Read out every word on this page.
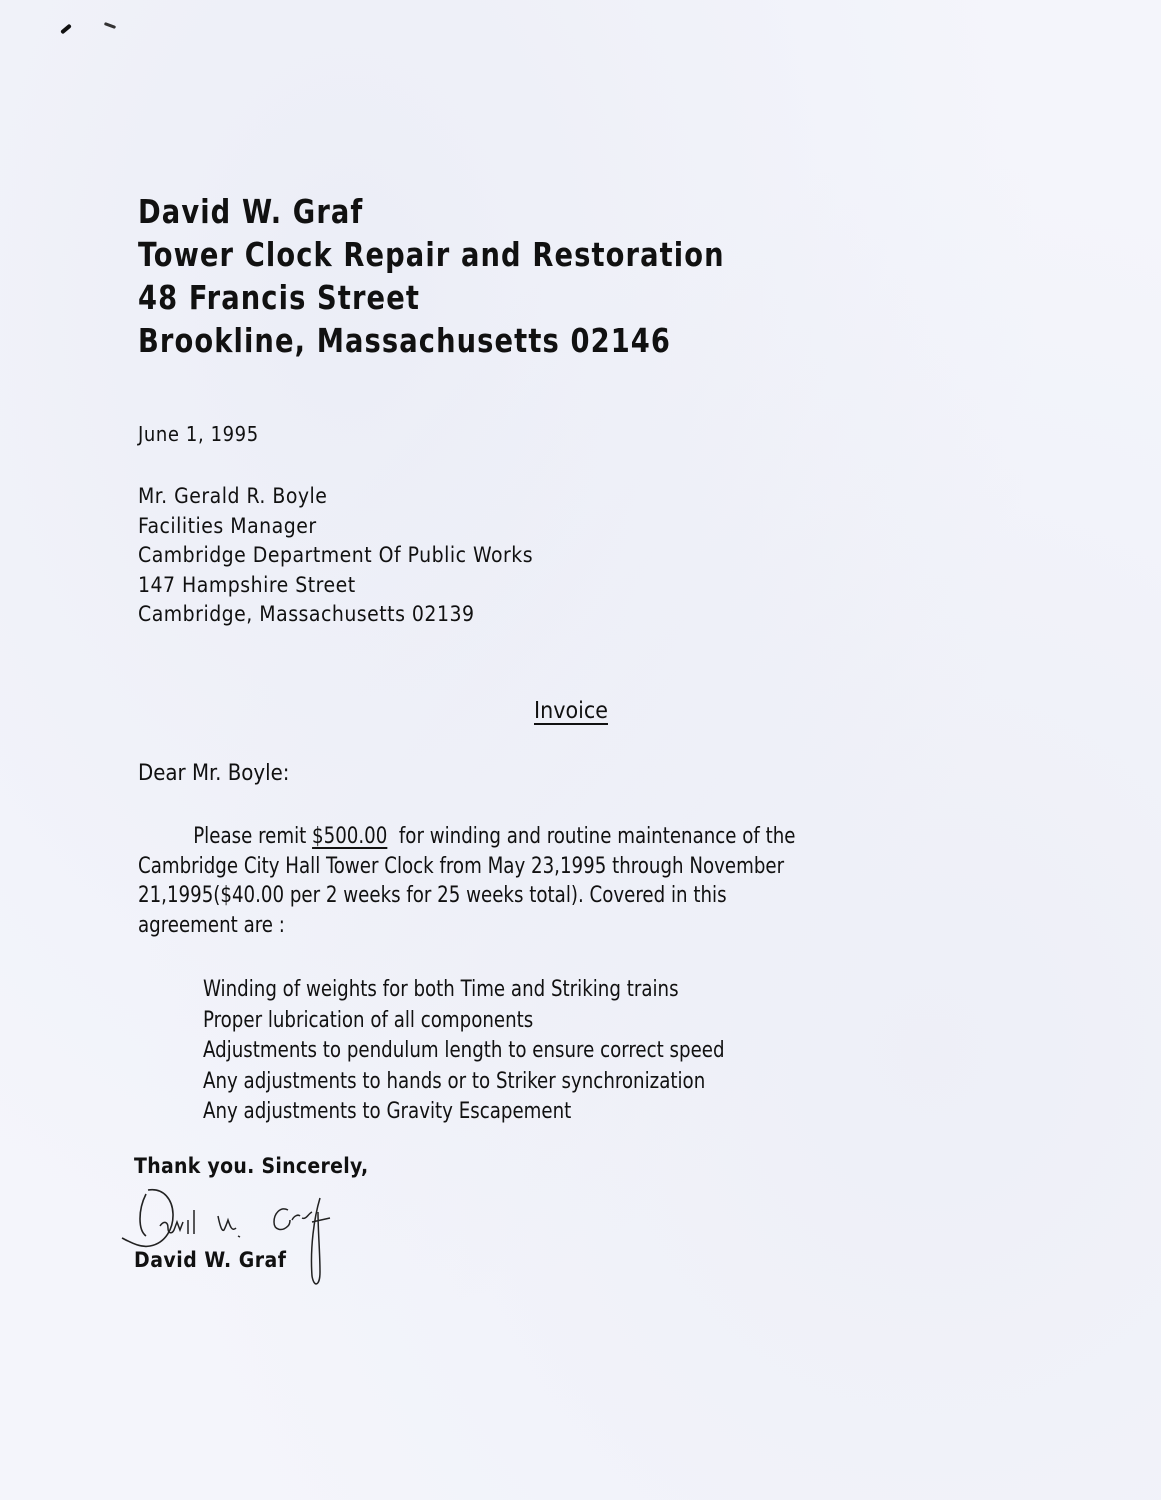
David W. Graf
Tower Clock Repair and Restoration
48 Francis Street
Brookline, Massachusetts 02146
June 1, 1995
Mr. Gerald R. Boyle
Facilities Manager
Cambridge Department Of Public Works
147 Hampshire Street
Cambridge, Massachusetts 02139
Invoice
Dear Mr. Boyle:
Please remit $500.00  for winding and routine maintenance of the
Cambridge City Hall Tower Clock from May 23,1995 through November
21,1995($40.00 per 2 weeks for 25 weeks total). Covered in this
agreement are :
Winding of weights for both Time and Striking trains
Proper lubrication of all components
Adjustments to pendulum length to ensure correct speed
Any adjustments to hands or to Striker synchronization
Any adjustments to Gravity Escapement
Thank you. Sincerely,
David W. Graf
